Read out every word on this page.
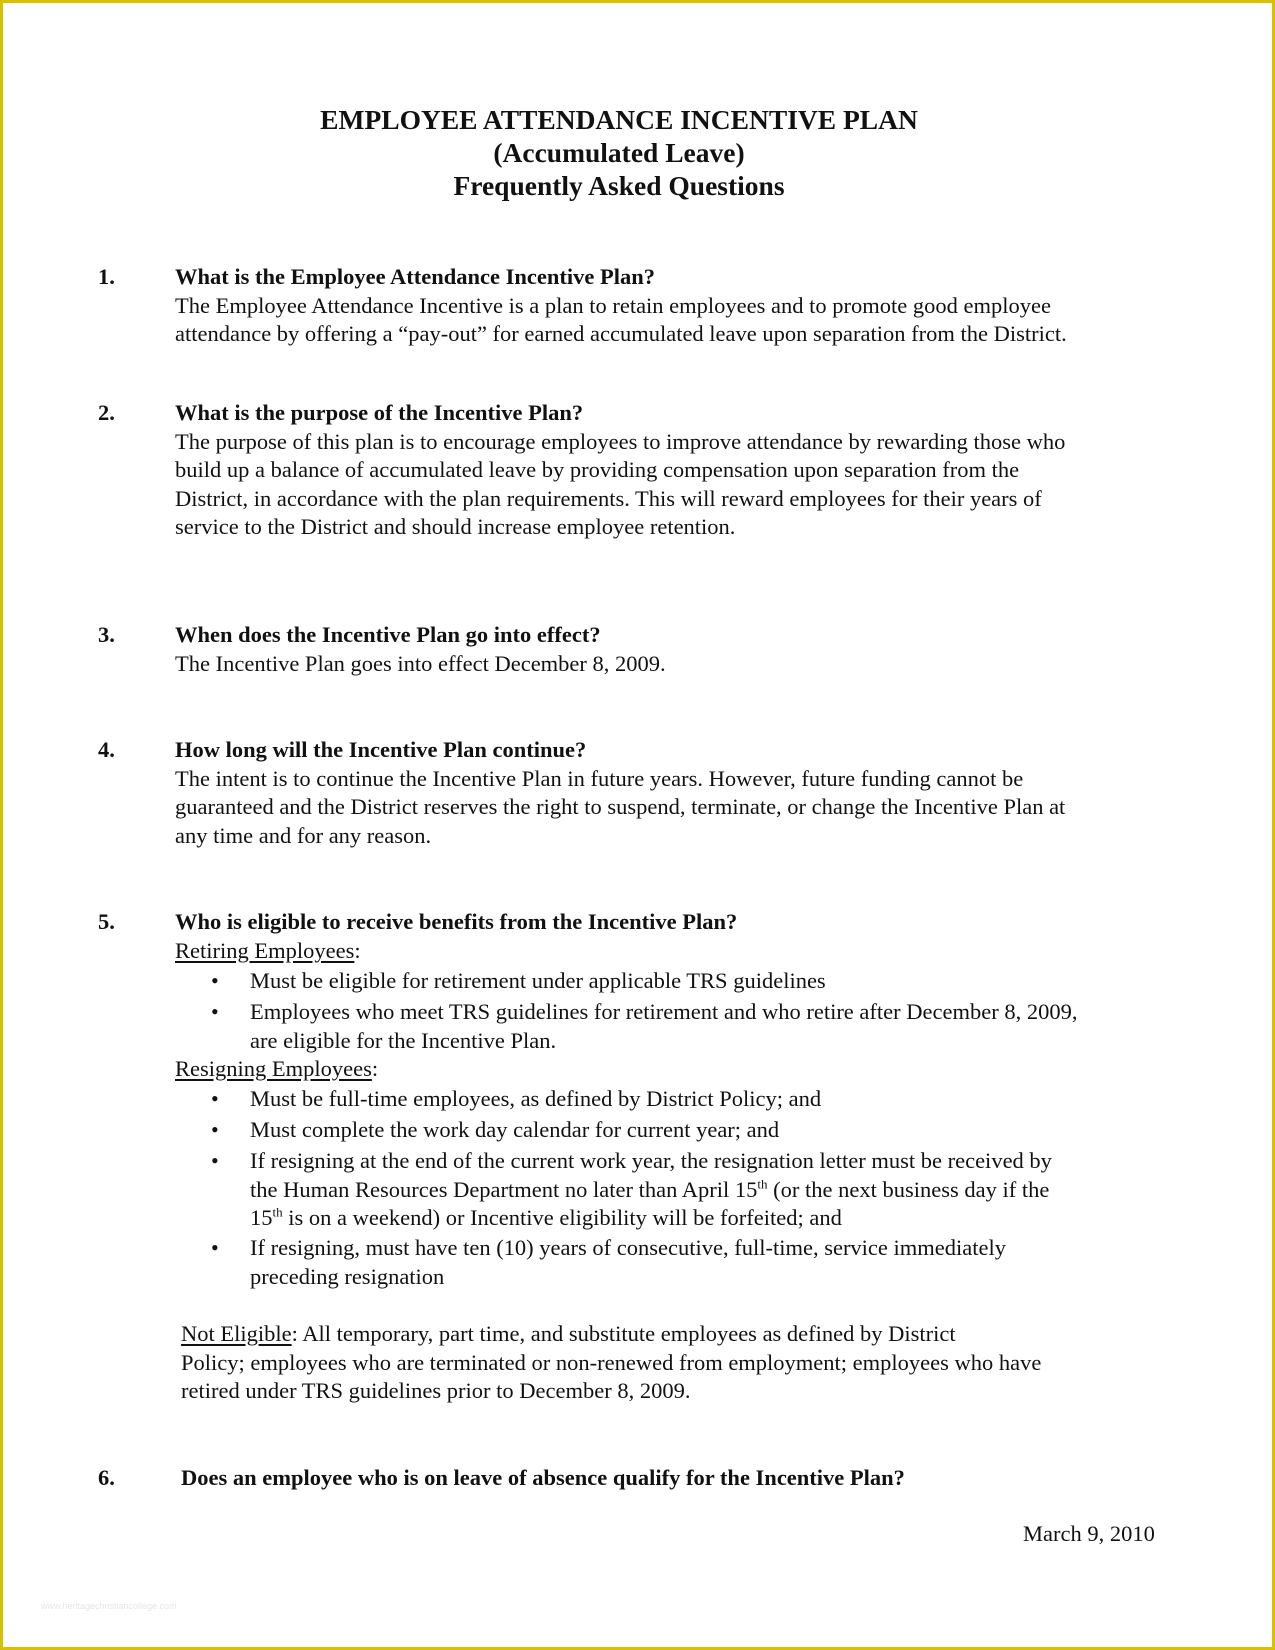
EMPLOYEE ATTENDANCE INCENTIVE PLAN
(Accumulated Leave)
Frequently Asked Questions
1.	What is the Employee Attendance Incentive Plan?
The Employee Attendance Incentive is a plan to retain employees and to promote good employee
attendance by offering a “pay-out” for earned accumulated leave upon separation from the District.
2.	What is the purpose of the Incentive Plan?
The purpose of this plan is to encourage employees to improve attendance by rewarding those who
build up a balance of accumulated leave by providing compensation upon separation from the
District, in accordance with the plan requirements. This will reward employees for their years of
service to the District and should increase employee retention.
3.	When does the Incentive Plan go into effect?
The Incentive Plan goes into effect December 8, 2009.
4.	How long will the Incentive Plan continue?
The intent is to continue the Incentive Plan in future years. However, future funding cannot be
guaranteed and the District reserves the right to suspend, terminate, or change the Incentive Plan at
any time and for any reason.
5.	Who is eligible to receive benefits from the Incentive Plan?
Retiring Employees:
• Must be eligible for retirement under applicable TRS guidelines
• Employees who meet TRS guidelines for retirement and who retire after December 8, 2009,
are eligible for the Incentive Plan.
Resigning Employees:
• Must be full-time employees, as defined by District Policy; and
• Must complete the work day calendar for current year; and
• If resigning at the end of the current work year, the resignation letter must be received by
the Human Resources Department no later than April 15th (or the next business day if the
15th is on a weekend) or Incentive eligibility will be forfeited; and
• If resigning, must have ten (10) years of consecutive, full-time, service immediately
preceding resignation
Not Eligible: All temporary, part time, and substitute employees as defined by District
Policy; employees who are terminated or non-renewed from employment; employees who have
retired under TRS guidelines prior to December 8, 2009.
6.	Does an employee who is on leave of absence qualify for the Incentive Plan?
March 9, 2010
www.heritagechristiancollege.com
